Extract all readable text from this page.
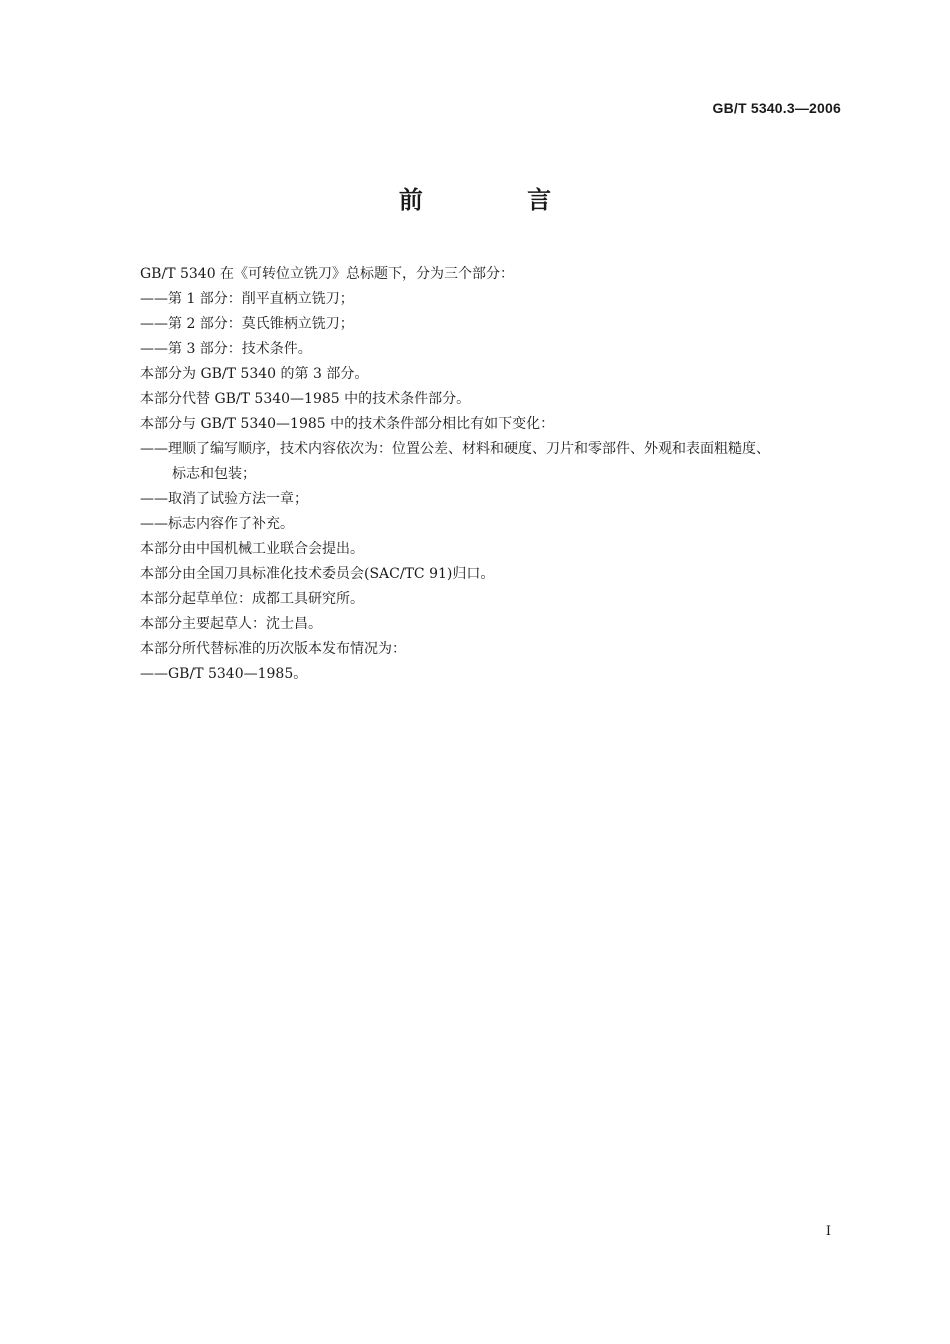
GB/T 5340.3—2006
前 言
GB/T 5340 在《可转位立铣刀》总标题下，分为三个部分：
——第 1 部分：削平直柄立铣刀；
——第 2 部分：莫氏锥柄立铣刀；
——第 3 部分：技术条件。
本部分为 GB/T 5340 的第 3 部分。
本部分代替 GB/T 5340—1985 中的技术条件部分。
本部分与 GB/T 5340—1985 中的技术条件部分相比有如下变化：
——理顺了编写顺序，技术内容依次为：位置公差、材料和硬度、刀片和零部件、外观和表面粗糙度、
标志和包装；
——取消了试验方法一章；
——标志内容作了补充。
本部分由中国机械工业联合会提出。
本部分由全国刀具标准化技术委员会(SAC/TC 91)归口。
本部分起草单位：成都工具研究所。
本部分主要起草人：沈士昌。
本部分所代替标准的历次版本发布情况为：
——GB/T 5340—1985。
I
